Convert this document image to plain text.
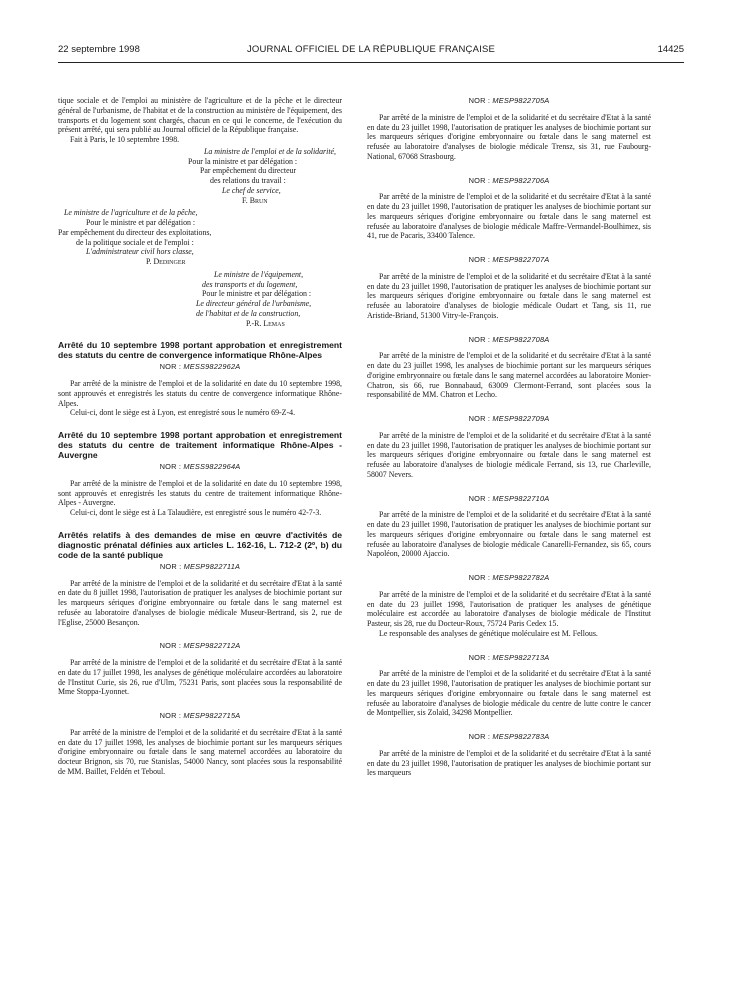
22 septembre 1998	JOURNAL OFFICIEL DE LA RÉPUBLIQUE FRANÇAISE	14425

tique sociale et de l'emploi au ministère de l'agriculture et de la pêche et le directeur général de l'urbanisme, de l'habitat et de la construction au ministère de l'équipement, des transports et du logement sont chargés, chacun en ce qui le concerne, de l'exécution du présent arrêté, qui sera publié au Journal officiel de la République française.

Fait à Paris, le 10 septembre 1998.

La ministre de l'emploi et de la solidarité,

Pour la ministre et par délégation :

Par empêchement du directeur

des relations du travail :

Le chef de service,

F. Brun

Le ministre de l'agriculture et de la pêche,

Pour le ministre et par délégation :

Par empêchement du directeur des exploitations,

de la politique sociale et de l'emploi :

L'administrateur civil hors classe,

P. Dedinger

Le ministre de l'équipement,

des transports et du logement,

Pour le ministre et par délégation :

Le directeur général de l'urbanisme,

de l'habitat et de la construction,

P.-R. Lemas

Arrêté du 10 septembre 1998 portant approbation et enregistrement des statuts du centre de convergence informatique Rhône-Alpes

NOR : MESS9822962A

Par arrêté de la ministre de l'emploi et de la solidarité en date du 10 septembre 1998, sont approuvés et enregistrés les statuts du centre de convergence informatique Rhône-Alpes.

Celui-ci, dont le siège est à Lyon, est enregistré sous le numéro 69-Z-4.

Arrêté du 10 septembre 1998 portant approbation et enregistrement des statuts du centre de traitement informatique Rhône-Alpes - Auvergne

NOR : MESS9822964A

Par arrêté de la ministre de l'emploi et de la solidarité en date du 10 septembre 1998, sont approuvés et enregistrés les statuts du centre de traitement informatique Rhône-Alpes - Auvergne.

Celui-ci, dont le siège est à La Talaudière, est enregistré sous le numéro 42-7-3.

Arrêtés relatifs à des demandes de mise en œuvre d'activités de diagnostic prénatal définies aux articles L. 162-16, L. 712-2 (2º, b) du code de la santé publique

NOR : MESP9822711A

Par arrêté de la ministre de l'emploi et de la solidarité et du secrétaire d'Etat à la santé en date du 8 juillet 1998, l'autorisation de pratiquer les analyses de biochimie portant sur les marqueurs sériques d'origine embryonnaire ou fœtale dans le sang maternel est refusée au laboratoire d'analyses de biologie médicale Museur-Bertrand, sis 2, rue de l'Eglise, 25000 Besançon.

NOR : MESP9822712A

Par arrêté de la ministre de l'emploi et de la solidarité et du secrétaire d'Etat à la santé en date du 17 juillet 1998, les analyses de génétique moléculaire accordées au laboratoire de l'Institut Curie, sis 26, rue d'Ulm, 75231 Paris, sont placées sous la responsabilité de Mme Stoppa-Lyonnet.

NOR : MESP9822715A

Par arrêté de la ministre de l'emploi et de la solidarité et du secrétaire d'Etat à la santé en date du 17 juillet 1998, les analyses de biochimie portant sur les marqueurs sériques d'origine embryonnaire ou fœtale dans le sang maternel accordées au laboratoire du docteur Brignon, sis 70, rue Stanislas, 54000 Nancy, sont placées sous la responsabilité de MM. Baillet, Feldén et Teboul.

NOR : MESP9822705A

Par arrêté de la ministre de l'emploi et de la solidarité et du secrétaire d'Etat à la santé en date du 23 juillet 1998, l'autorisation de pratiquer les analyses de biochimie portant sur les marqueurs sériques d'origine embryonnaire ou fœtale dans le sang maternel est refusée au laboratoire d'analyses de biologie médicale Trensz, sis 31, rue Faubourg-National, 67068 Strasbourg.

NOR : MESP9822706A

Par arrêté de la ministre de l'emploi et de la solidarité et du secrétaire d'Etat à la santé en date du 23 juillet 1998, l'autorisation de pratiquer les analyses de biochimie portant sur les marqueurs sériques d'origine embryonnaire ou fœtale dans le sang maternel est refusée au laboratoire d'analyses de biologie médicale Maffre-Vermandel-Boulhimez, sis 41, rue de Pacaris, 33400 Talence.

NOR : MESP9822707A

Par arrêté de la ministre de l'emploi et de la solidarité et du secrétaire d'Etat à la santé en date du 23 juillet 1998, l'autorisation de pratiquer les analyses de biochimie portant sur les marqueurs sériques d'origine embryonnaire ou fœtale dans le sang maternel est refusée au laboratoire d'analyses de biologie médicale Oudart et Tang, sis 11, rue Aristide-Briand, 51300 Vitry-le-François.

NOR : MESP9822708A

Par arrêté de la ministre de l'emploi et de la solidarité et du secrétaire d'Etat à la santé en date du 23 juillet 1998, les analyses de biochimie portant sur les marqueurs sériques d'origine embryonnaire ou fœtale dans le sang maternel accordées au laboratoire Monier-Chatron, sis 66, rue Bonnabaud, 63009 Clermont-Ferrand, sont placées sous la responsabilité de MM. Chatron et Lecho.

NOR : MESP9822709A

Par arrêté de la ministre de l'emploi et de la solidarité et du secrétaire d'Etat à la santé en date du 23 juillet 1998, l'autorisation de pratiquer les analyses de biochimie portant sur les marqueurs sériques d'origine embryonnaire ou fœtale dans le sang maternel est refusée au laboratoire d'analyses de biologie médicale Ferrand, sis 13, rue Charleville, 58007 Nevers.

NOR : MESP9822710A

Par arrêté de la ministre de l'emploi et de la solidarité et du secrétaire d'Etat à la santé en date du 23 juillet 1998, l'autorisation de pratiquer les analyses de biochimie portant sur les marqueurs sériques d'origine embryonnaire ou fœtale dans le sang maternel est refusée au laboratoire d'analyses de biologie médicale Canarelli-Fernandez, sis 65, cours Napoléon, 20000 Ajaccio.

NOR : MESP9822782A

Par arrêté de la ministre de l'emploi et de la solidarité et du secrétaire d'Etat à la santé en date du 23 juillet 1998, l'autorisation de pratiquer les analyses de génétique moléculaire est accordée au laboratoire d'analyses de biologie médicale de l'Institut Pasteur, sis 28, rue du Docteur-Roux, 75724 Paris Cedex 15.

Le responsable des analyses de génétique moléculaire est M. Fellous.

NOR : MESP9822713A

Par arrêté de la ministre de l'emploi et de la solidarité et du secrétaire d'Etat à la santé en date du 23 juillet 1998, l'autorisation de pratiquer les analyses de biochimie portant sur les marqueurs sériques d'origine embryonnaire ou fœtale dans le sang maternel est refusée au laboratoire d'analyses de biologie médicale du centre de lutte contre le cancer de Montpellier, sis Zolaïd, 34298 Montpellier.

NOR : MESP9822783A

Par arrêté de la ministre de l'emploi et de la solidarité et du secrétaire d'Etat à la santé en date du 23 juillet 1998, l'autorisation de pratiquer les analyses de biochimie portant sur les marqueurs
